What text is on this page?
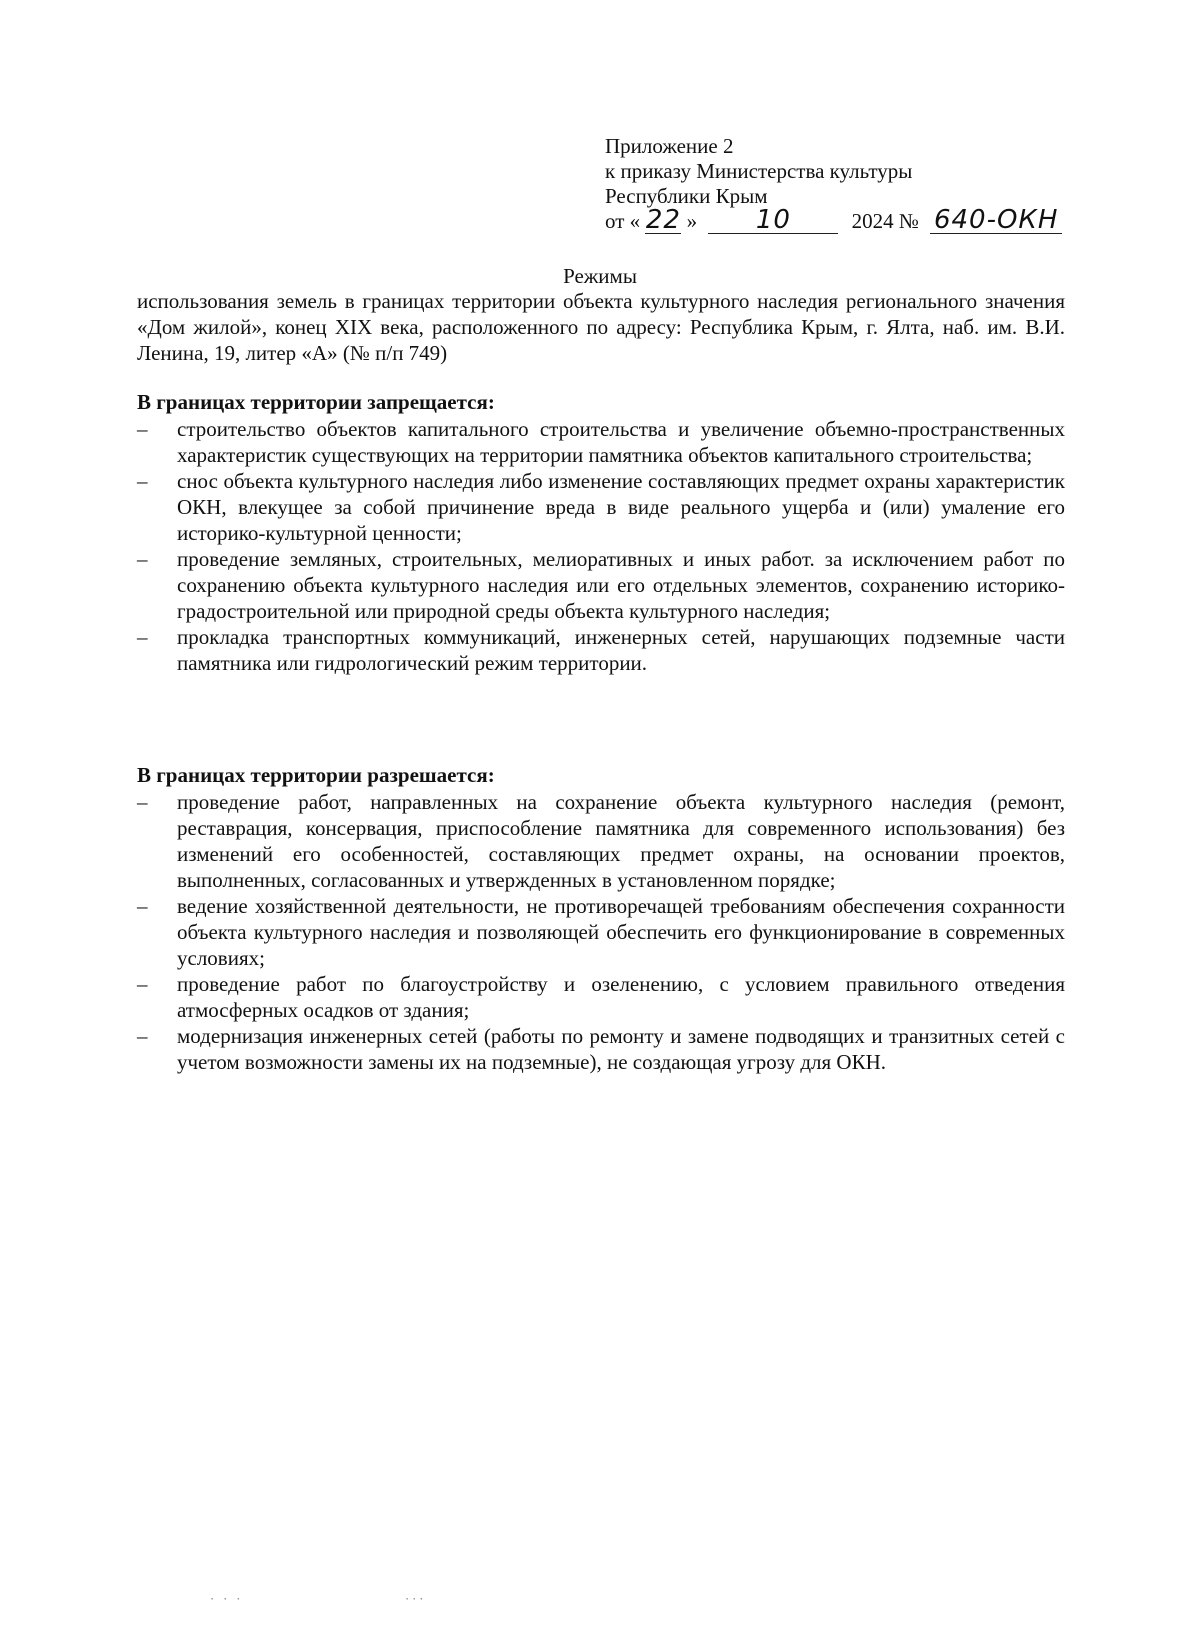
Приложение 2
к приказу Министерства культуры
Республики Крым
от « 22 » 10	2024 № 640-ОКН
Режимы
использования земель в границах территории объекта культурного наследия регионального значения «Дом жилой», конец XIX века, расположенного по адресу: Республика Крым, г. Ялта, наб. им. В.И. Ленина, 19, литер «А» (№ п/п 749)
В границах территории запрещается:
– строительство объектов капитального строительства и увеличение объемно-пространственных характеристик существующих на территории памятника объектов капитального строительства;
– снос объекта культурного наследия либо изменение составляющих предмет охраны характеристик ОКН, влекущее за собой причинение вреда в виде реального ущерба и (или) умаление его историко-культурной ценности;
– проведение земляных, строительных, мелиоративных и иных работ. за исключением работ по сохранению объекта культурного наследия или его отдельных элементов, сохранению историко-градостроительной или природной среды объекта культурного наследия;
– прокладка транспортных коммуникаций, инженерных сетей, нарушающих подземные части памятника или гидрологический режим территории.
В границах территории разрешается:
– проведение работ, направленных на сохранение объекта культурного наследия (ремонт, реставрация, консервация, приспособление памятника для современного использования) без изменений его особенностей, составляющих предмет охраны, на основании проектов, выполненных, согласованных и утвержденных в установленном порядке;
– ведение хозяйственной деятельности, не противоречащей требованиям обеспечения сохранности объекта культурного наследия и позволяющей обеспечить его функционирование в современных условиях;
– проведение работ по благоустройству и озеленению, с условием правильного отведения атмосферных осадков от здания;
– модернизация инженерных сетей (работы по ремонту и замене подводящих и транзитных сетей с учетом возможности замены их на подземные), не создающая угрозу для ОКН.
⋅ ⋅ ⋅	⋅⋅⋅
